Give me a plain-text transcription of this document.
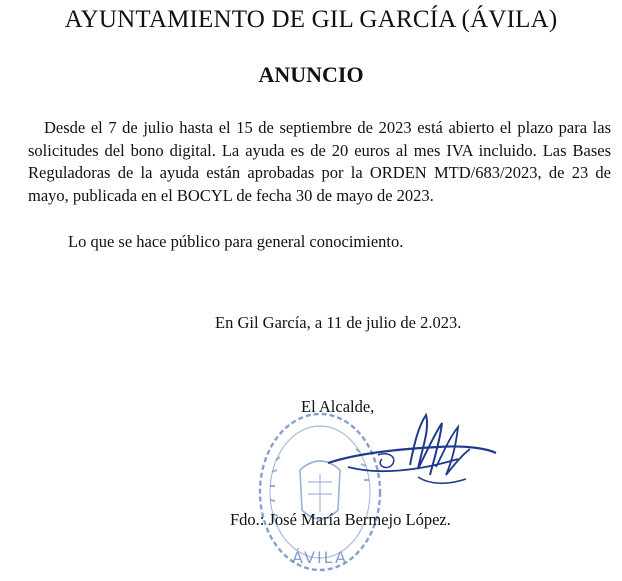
AYUNTAMIENTO DE GIL GARCÍA (ÁVILA)
ANUNCIO

Desde el 7 de julio hasta el 15 de septiembre de 2023 está abierto el plazo para las solicitudes del bono digital. La ayuda es de 20 euros al mes IVA incluido. Las Bases Reguladoras de la ayuda están aprobadas por la ORDEN MTD/683/2023, de 23 de mayo, publicada en el BOCYL de fecha 30 de mayo de 2023.

Lo que se hace público para general conocimiento.

En Gil García, a 11 de julio de 2.023.

ÁVILA

El Alcalde,

Fdo.: José María Bermejo López.
